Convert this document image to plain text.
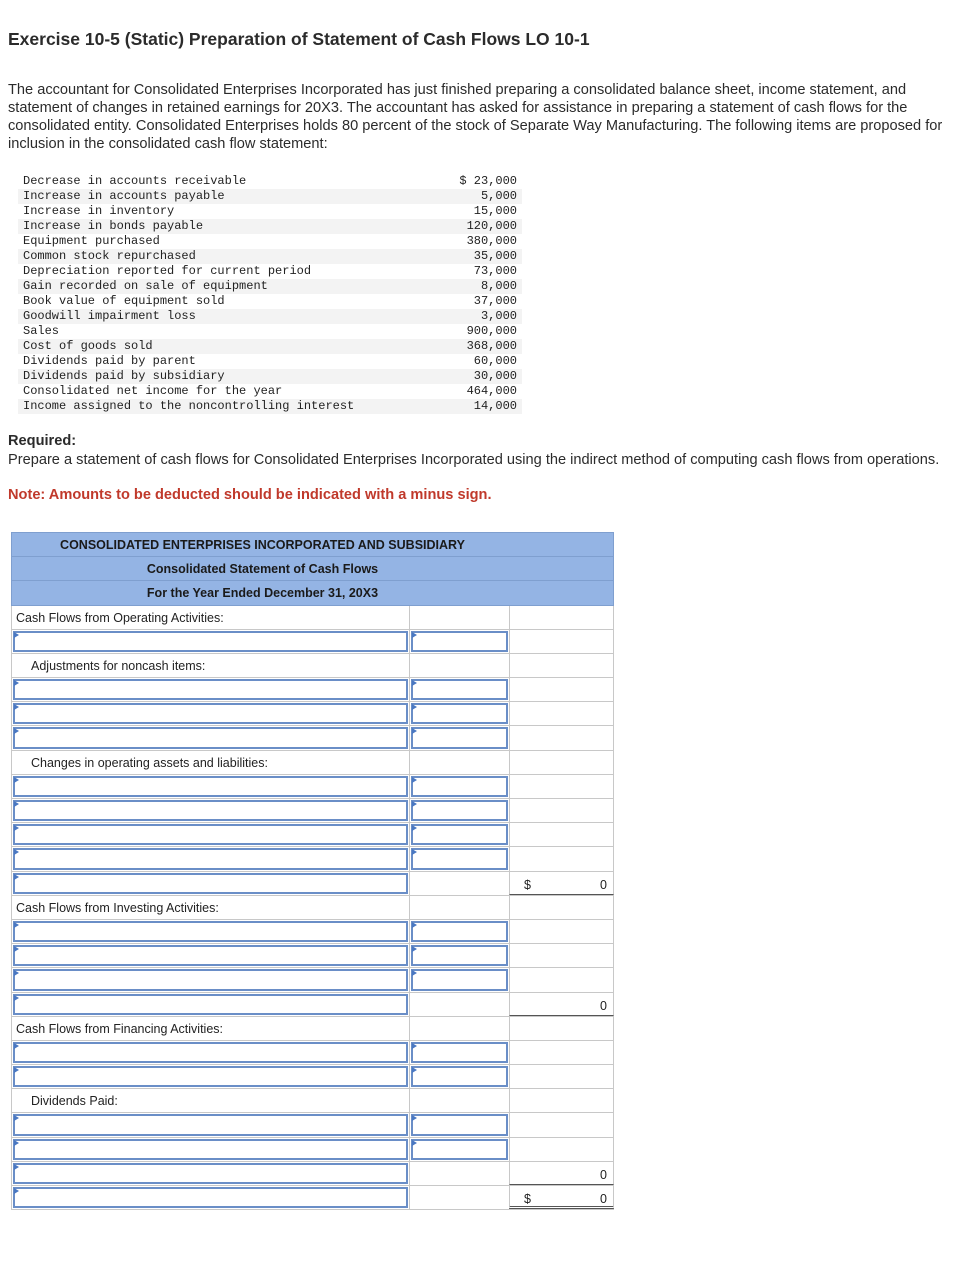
Exercise 10-5 (Static) Preparation of Statement of Cash Flows LO 10-1
The accountant for Consolidated Enterprises Incorporated has just finished preparing a consolidated balance sheet, income statement, and statement of changes in retained earnings for 20X3. The accountant has asked for assistance in preparing a statement of cash flows for the consolidated entity. Consolidated Enterprises holds 80 percent of the stock of Separate Way Manufacturing. The following items are proposed for inclusion in the consolidated cash flow statement:
Decrease in accounts receivable	$ 23,000
Increase in accounts payable	5,000
Increase in inventory	15,000
Increase in bonds payable	120,000
Equipment purchased	380,000
Common stock repurchased	35,000
Depreciation reported for current period	73,000
Gain recorded on sale of equipment	8,000
Book value of equipment sold	37,000
Goodwill impairment loss	3,000
Sales	900,000
Cost of goods sold	368,000
Dividends paid by parent	60,000
Dividends paid by subsidiary	30,000
Consolidated net income for the year	464,000
Income assigned to the noncontrolling interest	14,000
Required:
Prepare a statement of cash flows for Consolidated Enterprises Incorporated using the indirect method of computing cash flows from operations.
Note: Amounts to be deducted should be indicated with a minus sign.
CONSOLIDATED ENTERPRISES INCORPORATED AND SUBSIDIARY
Consolidated Statement of Cash Flows
For the Year Ended December 31, 20X3
Cash Flows from Operating Activities:
Adjustments for noncash items:
Changes in operating assets and liabilities:
$	0
Cash Flows from Investing Activities:
0
Cash Flows from Financing Activities:
Dividends Paid:
0
$	0
